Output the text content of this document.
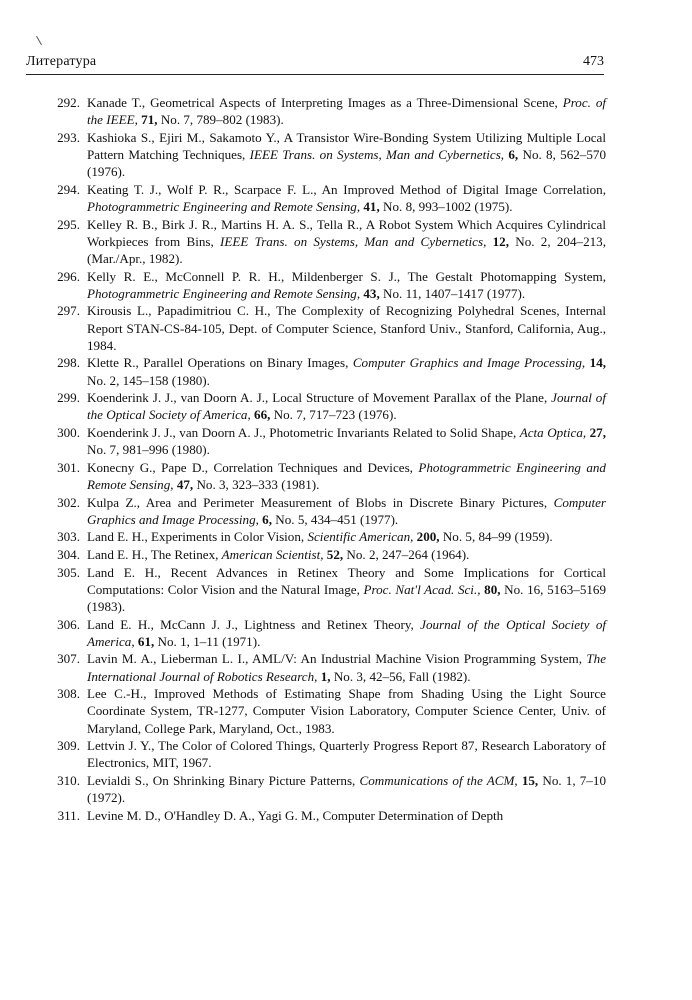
Литература	473
292 . Kanade T., Geometrical Aspects of Interpreting Images as a Three-Dimensional Scene, Proc. of the IEEE, 71, No. 7, 789–802 (1983).
293 . Kashioka S., Ejiri M., Sakamoto Y., A Transistor Wire-Bonding System Utilizing Multiple Local Pattern Matching Techniques, IEEE Trans. on Systems, Man and Cybernetics, 6, No. 8, 562–570 (1976).
294 . Keating T. J., Wolf P. R., Scarpace F. L., An Improved Method of Digital Image Correlation, Photogrammetric Engineering and Remote Sensing, 41, No. 8, 993–1002 (1975).
295 . Kelley R. B., Birk J. R., Martins H. A. S., Tella R., A Robot System Which Acquires Cylindrical Workpieces from Bins, IEEE Trans. on Systems, Man and Cybernetics, 12, No. 2, 204–213, (Mar./Apr., 1982).
296 . Kelly R. E., McConnell P. R. H., Mildenberger S. J., The Gestalt Photomapping System, Photogrammetric Engineering and Remote Sensing, 43, No. 11, 1407–1417 (1977).
297 . Kirousis L., Papadimitriou C. H., The Complexity of Recognizing Polyhedral Scenes, Internal Report STAN-CS-84-105, Dept. of Computer Science, Stanford Univ., Stanford, California, Aug., 1984.
298 . Klette R., Parallel Operations on Binary Images, Computer Graphics and Image Processing, 14, No. 2, 145–158 (1980).
299 . Koenderink J. J., van Doorn A. J., Local Structure of Movement Parallax of the Plane, Journal of the Optical Society of America, 66, No. 7, 717–723 (1976).
300 . Koenderink J. J., van Doorn A. J., Photometric Invariants Related to Solid Shape, Acta Optica, 27, No. 7, 981–996 (1980).
301 . Konecny G., Pape D., Correlation Techniques and Devices, Photogrammetric Engineering and Remote Sensing, 47, No. 3, 323–333 (1981).
302 . Kulpa Z., Area and Perimeter Measurement of Blobs in Discrete Binary Pictures, Computer Graphics and Image Processing, 6, No. 5, 434–451 (1977).
303 . Land E. H., Experiments in Color Vision, Scientific American, 200, No. 5, 84–99 (1959).
304 . Land E. H., The Retinex, American Scientist, 52, No. 2, 247–264 (1964).
305 . Land E. H., Recent Advances in Retinex Theory and Some Implications for Cortical Computations: Color Vision and the Natural Image, Proc. Nat'l Acad. Sci., 80, No. 16, 5163–5169 (1983).
306 . Land E. H., McCann J. J., Lightness and Retinex Theory, Journal of the Optical Society of America, 61, No. 1, 1–11 (1971).
307 . Lavin M. A., Lieberman L. I., AML/V: An Industrial Machine Vision Programming System, The International Journal of Robotics Research, 1, No. 3, 42–56, Fall (1982).
308 . Lee C.-H., Improved Methods of Estimating Shape from Shading Using the Light Source Coordinate System, TR-1277, Computer Vision Laboratory, Computer Science Center, Univ. of Maryland, College Park, Maryland, Oct., 1983.
309 . Lettvin J. Y., The Color of Colored Things, Quarterly Progress Report 87, Research Laboratory of Electronics, MIT, 1967.
310 . Levialdi S., On Shrinking Binary Picture Patterns, Communications of the ACM, 15, No. 1, 7–10 (1972).
311 . Levine M. D., O'Handley D. A., Yagi G. M., Computer Determination of Depth
